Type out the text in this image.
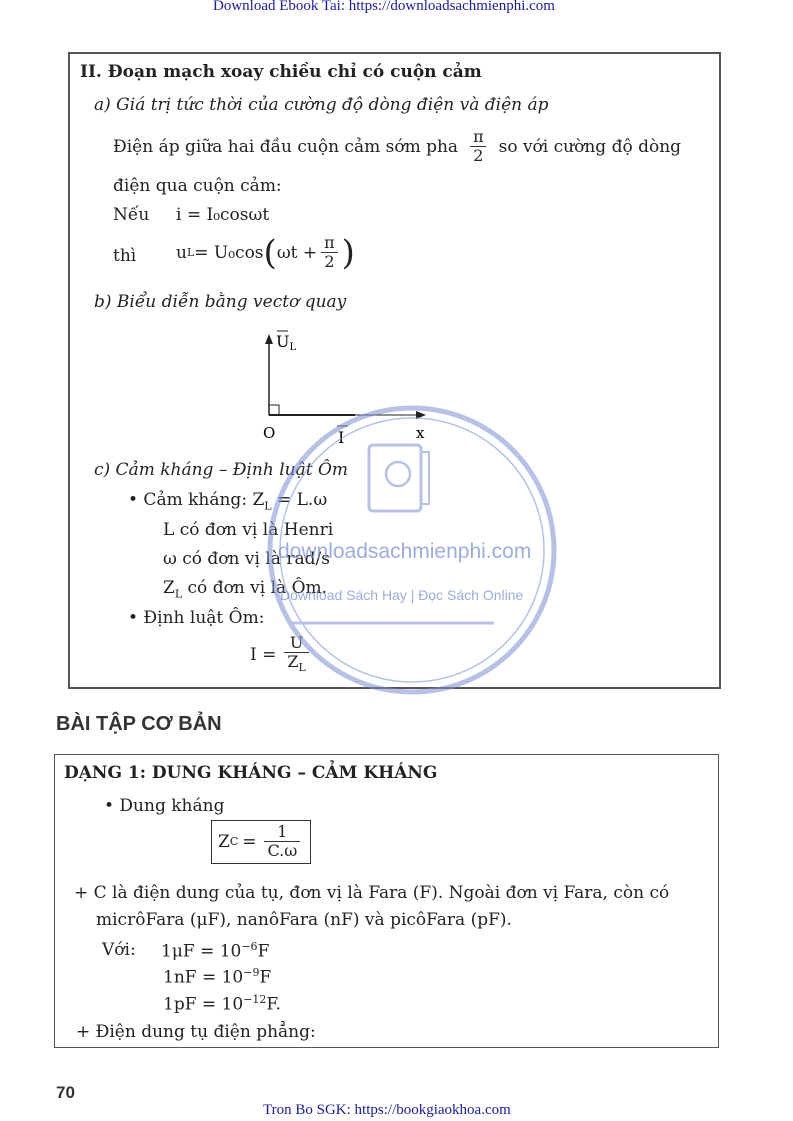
Download Ebook Tai: https://downloadsachmienphi.com
II. Đoạn mạch xoay chiều chỉ có cuộn cảm
a) Giá trị tức thời của cường độ dòng điện và điện áp
Điện áp giữa hai đầu cuộn cảm sớm pha $\frac{\pi}{2}$ so với cường độ dòng
điện qua cuộn cảm:
Nếu i = I₀cosωt
thì u L = U₀cos ( $\omega t + \frac{\pi}{2}$ )
b) Biểu diễn bằng vectơ quay
UL
O	I	x
c) Cảm kháng – Định luật Ôm
• Cảm kháng: $Z_L = L.\omega$
L có đơn vị là Henri
ω có đơn vị là rad/s
$Z_L$ có đơn vị là Ôm.
• Định luật Ôm:
$I = \frac{U}{Z_L}$
downloadsachmienphi.com
Download Sách Hay | Đọc Sách Online
BÀI TẬP CƠ BẢN
DẠNG 1: DUNG KHÁNG – CẢM KHÁNG
• Dung kháng
Z $C = \frac{1}{C.\omega}$
+ C là điện dung của tụ, đơn vị là Fara (F). Ngoài đơn vị Fara, còn có
micrôFara (μF), nanôFara (nF) và picôFara (pF).
Với: $1\mu F = 10^{-6}F$
$1nF = 10^{-9}F$
$1pF = 10^{-12}F$.
+ Điện dung tụ điện phẳng:
70
Tron Bo SGK: https://bookgiaokhoa.com
